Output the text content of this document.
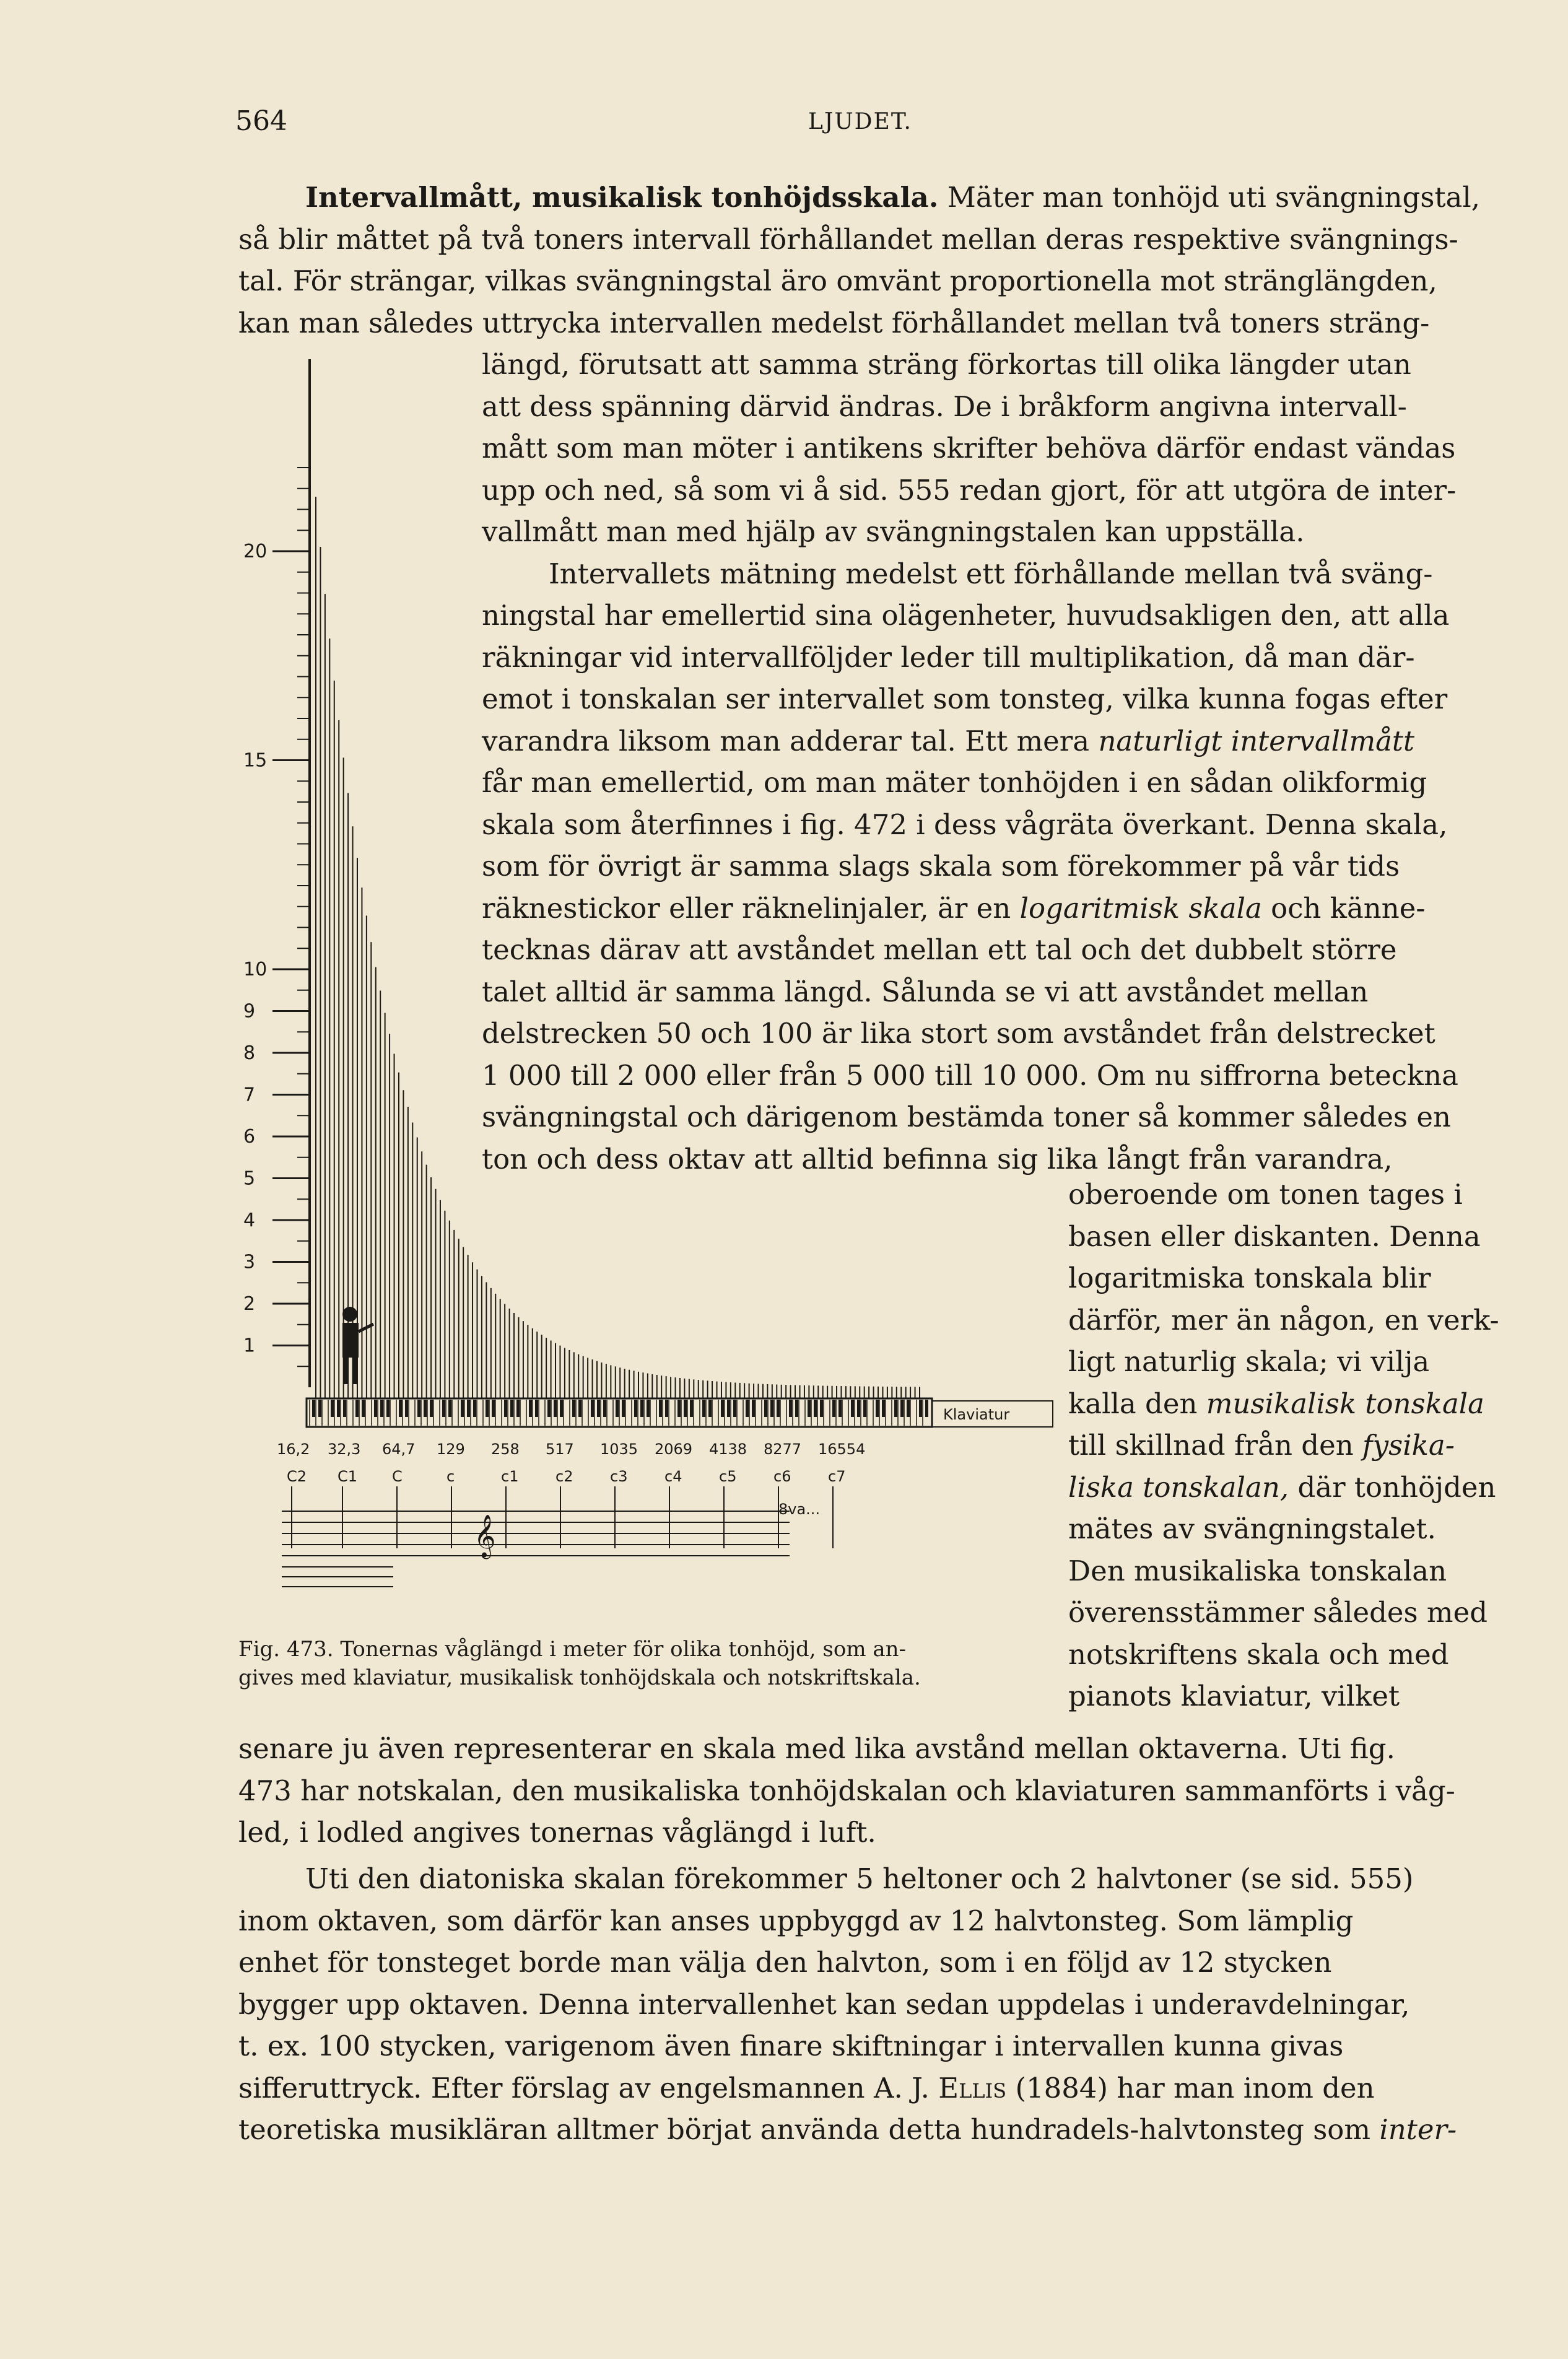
564	LJUDET.
Intervallmått, musikalisk tonhöjdsskala. Mäter man tonhöjd uti svängningstal,
så blir måttet på två toners intervall förhållandet mellan deras respektive svängnings-
tal. För strängar, vilkas svängningstal äro omvänt proportionella mot stränglängden,
kan man således uttrycka intervallen medelst förhållandet mellan två toners sträng-
längd, förutsatt att samma sträng förkortas till olika längder utan
att dess spänning därvid ändras. De i bråkform angivna intervall-
mått som man möter i antikens skrifter behöva därför endast vändas
upp och ned, så som vi å sid. 555 redan gjort, för att utgöra de inter-
vallmått man med hjälp av svängningstalen kan uppställa.
Intervallets mätning medelst ett förhållande mellan två sväng-
ningstal har emellertid sina olägenheter, huvudsakligen den, att alla
räkningar vid intervallföljder leder till multiplikation, då man där-
emot i tonskalan ser intervallet som tonsteg, vilka kunna fogas efter
varandra liksom man adderar tal. Ett mera naturligt intervallmått
får man emellertid, om man mäter tonhöjden i en sådan olikformig
skala som återfinnes i fig. 472 i dess vågräta överkant. Denna skala,
som för övrigt är samma slags skala som förekommer på vår tids
räknestickor eller räknelinjaler, är en logaritmisk skala och känne-
tecknas därav att avståndet mellan ett tal och det dubbelt större
talet alltid är samma längd. Sålunda se vi att avståndet mellan
delstrecken 50 och 100 är lika stort som avståndet från delstrecket
1 000 till 2 000 eller från 5 000 till 10 000. Om nu siffrorna beteckna
svängningstal och därigenom bestämda toner så kommer således en
ton och dess oktav att alltid befinna sig lika långt från varandra,
oberoende om tonen tages i
basen eller diskanten. Denna
logaritmiska tonskala blir
därför, mer än någon, en verk-
ligt naturlig skala; vi vilja
kalla den musikalisk tonskala
till skillnad från den fysika-
liska tonskalan, där tonhöjden
mätes av svängningstalet.
Den musikaliska tonskalan
överensstämmer således med
notskriftens skala och med
pianots klaviatur, vilket
senare ju även representerar en skala med lika avstånd mellan oktaverna. Uti fig.
473 har notskalan, den musikaliska tonhöjdskalan och klaviaturen sammanförts i våg-
led, i lodled angives tonernas våglängd i luft.
Uti den diatoniska skalan förekommer 5 heltoner och 2 halvtoner (se sid. 555)
inom oktaven, som därför kan anses uppbyggd av 12 halvtonsteg. Som lämplig
enhet för tonsteget borde man välja den halvton, som i en följd av 12 stycken
bygger upp oktaven. Denna intervallenhet kan sedan uppdelas i underavdelningar,
t. ex. 100 stycken, varigenom även finare skiftningar i intervallen kunna givas
sifferuttryck. Efter förslag av engelsmannen A. J. Ellis (1884) har man inom den
teoretiska musikläran alltmer börjat använda detta hundradels-halvtonsteg som inter-
Klaviatur
16,2 32,3 64,7 129 258 517 1035 2069 4138 8277 16554
C2 C1 C	c	c1 c2 c3 c4 c5 c6 c7
8va...
𝄞
20
15
10
9
8
7
6
5
4
3
2
1
Fig. 473. Tonernas våglängd i meter för olika tonhöjd, som an-
gives med klaviatur, musikalisk tonhöjdskala och notskriftskala.
